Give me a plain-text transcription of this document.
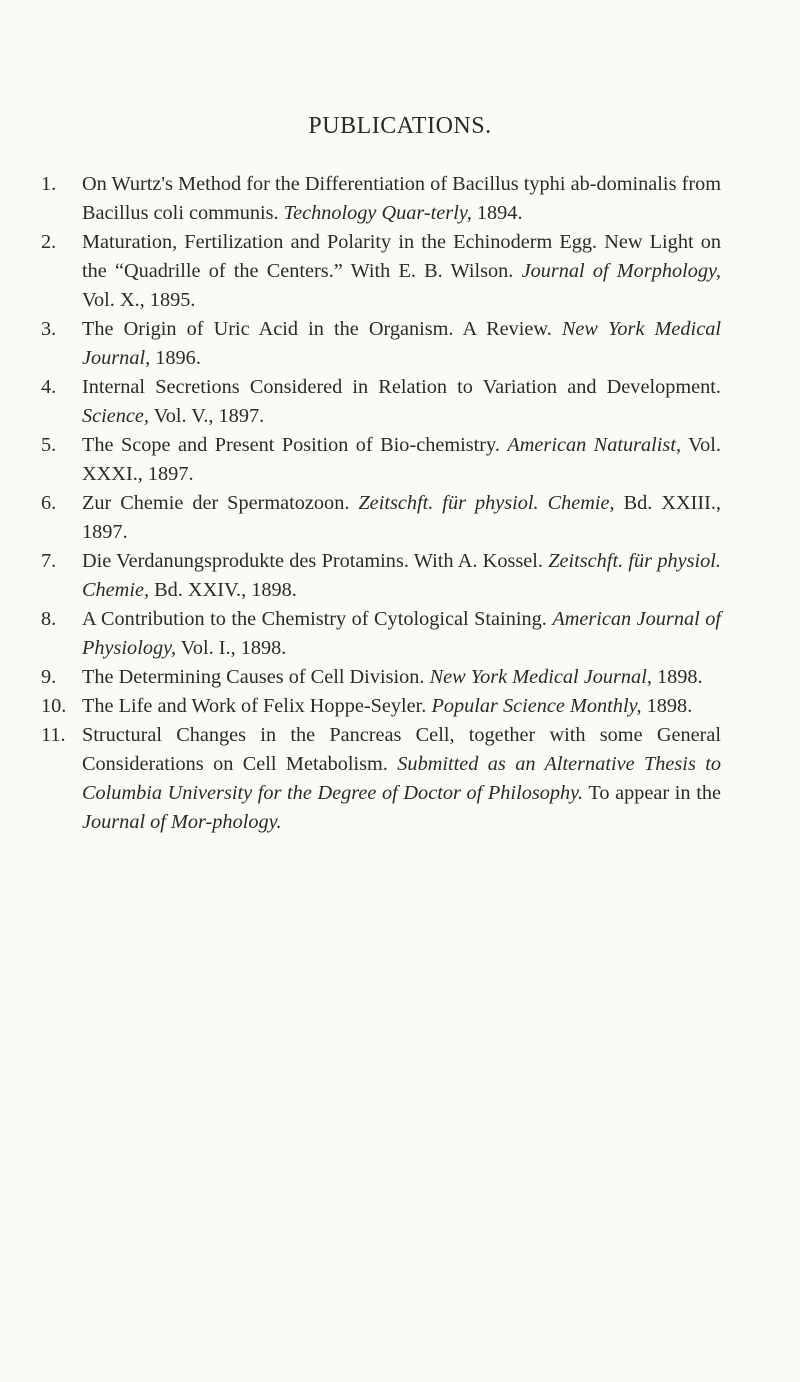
PUBLICATIONS.
1.	On Wurtz's Method for the Differentiation of Bacillus typhi ab-dominalis from Bacillus coli communis. Technology Quar-terly, 1894.
2.	Maturation, Fertilization and Polarity in the Echinoderm Egg. New Light on the “Quadrille of the Centers.” With E. B. Wilson. Journal of Morphology, Vol. X., 1895.
3.	The Origin of Uric Acid in the Organism. A Review. New York Medical Journal, 1896.
4.	Internal Secretions Considered in Relation to Variation and Development. Science, Vol. V., 1897.
5.	The Scope and Present Position of Bio-chemistry. American Naturalist, Vol. XXXI., 1897.
6.	Zur Chemie der Spermatozoon. Zeitschft. für physiol. Chemie, Bd. XXIII., 1897.
7.	Die Verdanungsprodukte des Protamins. With A. Kossel. Zeitschft. für physiol. Chemie, Bd. XXIV., 1898.
8.	A Contribution to the Chemistry of Cytological Staining. American Journal of Physiology, Vol. I., 1898.
9.	The Determining Causes of Cell Division. New York Medical Journal, 1898.
10. The Life and Work of Felix Hoppe-Seyler. Popular Science Monthly, 1898.
11. Structural Changes in the Pancreas Cell, together with some General Considerations on Cell Metabolism. Submitted as an Alternative Thesis to Columbia University for the Degree of Doctor of Philosophy. To appear in the Journal of Mor-phology.
